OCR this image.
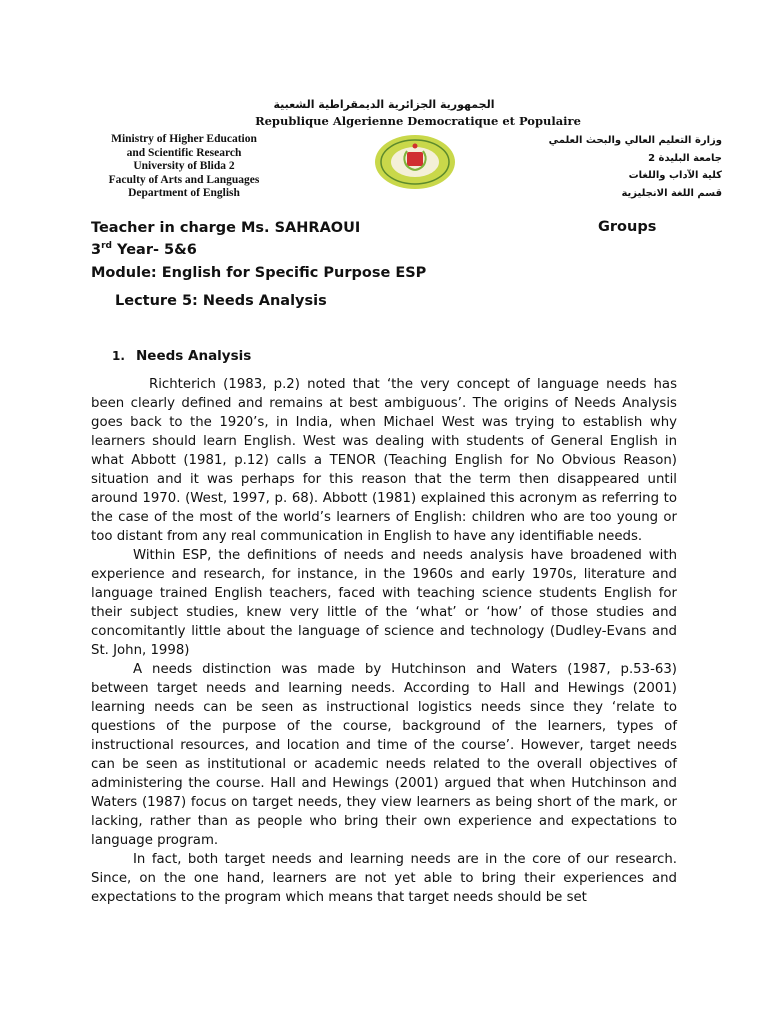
الجمهورية الجزائرية الديمقراطية الشعبية
Republique Algerienne Democratique et Populaire
Ministry of Higher Education
and Scientific Research
University of Blida 2
Faculty of Arts and Languages
Department of English
وزارة التعليم العالي والبحث العلمي
جامعة البليدة 2
كلية الآداب واللغات
قسم اللغة الانجليزية

Teacher in charge Ms. SAHRAOUI

3rd Year- 5&6

Groups
Module: English for Specific Purpose ESP
Lecture 5: Needs Analysis
1. Needs Analysis

Richterich (1983, p.2) noted that ‘the very concept of language needs has been clearly defined and remains at best ambiguous’. The origins of Needs Analysis goes back to the 1920’s, in India, when Michael West was trying to establish why learners should learn English. West was dealing with students of General English in what Abbott (1981, p.12) calls a TENOR (Teaching English for No Obvious Reason) situation and it was perhaps for this reason that the term then disappeared until around 1970. (West, 1997, p. 68). Abbott (1981) explained this acronym as referring to the case of the most of the world’s learners of English: children who are too young or too distant from any real communication in English to have any identifiable needs.

Within ESP, the definitions of needs and needs analysis have broadened with experience and research, for instance, in the 1960s and early 1970s, literature and language trained English teachers, faced with teaching science students English for their subject studies, knew very little of the ‘what’ or ‘how’ of those studies and concomitantly little about the language of science and technology (Dudley-Evans and St. John, 1998)

A needs distinction was made by Hutchinson and Waters (1987, p.53-63) between target needs and learning needs. According to Hall and Hewings (2001) learning needs can be seen as instructional logistics needs since they ‘relate to questions of the purpose of the course, background of the learners, types of instructional resources, and location and time of the course’. However, target needs can be seen as institutional or academic needs related to the overall objectives of administering the course. Hall and Hewings (2001) argued that when Hutchinson and Waters (1987) focus on target needs, they view learners as being short of the mark, or lacking, rather than as people who bring their own experience and expectations to language program.

In fact, both target needs and learning needs are in the core of our research. Since, on the one hand, learners are not yet able to bring their experiences and expectations to the program which means that target needs should be set
